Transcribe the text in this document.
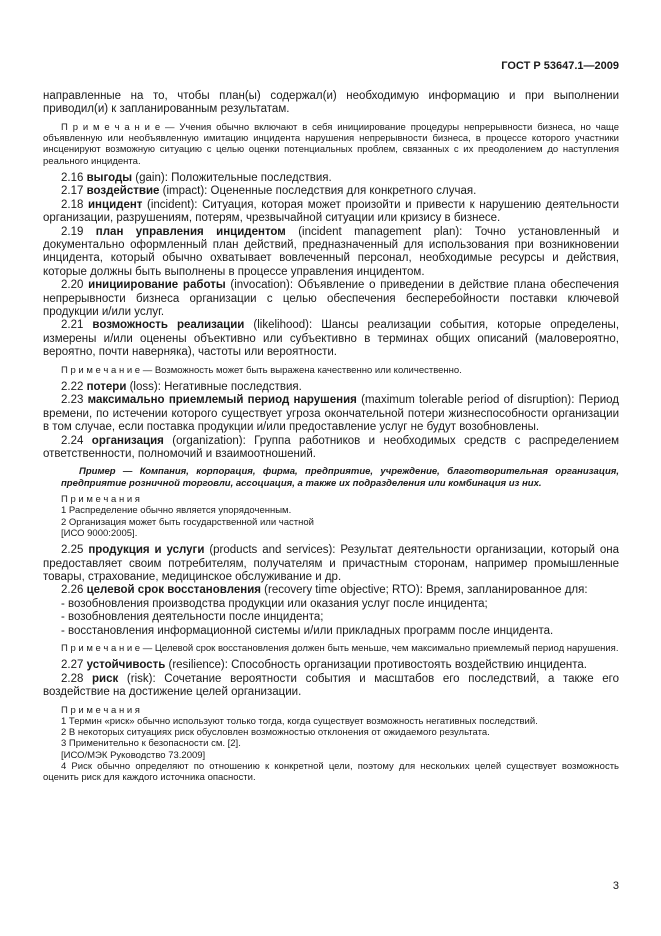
ГОСТ Р 53647.1—2009

направленные на то, чтобы план(ы) содержал(и) необходимую информацию и при выполнении приводил(и) к запланированным результатам.

П р и м е ч а н и е — Учения обычно включают в себя инициирование процедуры непрерывности бизнеса, но чаще объявленную или необъявленную имитацию инцидента нарушения непрерывности бизнеса, в процессе которого участники инсценируют возможную ситуацию с целью оценки потенциальных проблем, связанных с их преодолением до наступления реального инцидента.

2.16 выгоды (gain): Положительные последствия.

2.17 воздействие (impact): Оцененные последствия для конкретного случая.

2.18 инцидент (incident): Ситуация, которая может произойти и привести к нарушению деятельности организации, разрушениям, потерям, чрезвычайной ситуации или кризису в бизнесе.

2.19 план управления инцидентом (incident management plan): Точно установленный и документально оформленный план действий, предназначенный для использования при возникновении инцидента, который обычно охватывает вовлеченный персонал, необходимые ресурсы и действия, которые должны быть выполнены в процессе управления инцидентом.

2.20 инициирование работы (invocation): Объявление о приведении в действие плана обеспечения непрерывности бизнеса организации с целью обеспечения бесперебойности поставки ключевой продукции и/или услуг.

2.21 возможность реализации (likelihood): Шансы реализации события, которые определены, измерены и/или оценены объективно или субъективно в терминах общих описаний (маловероятно, вероятно, почти наверняка), частоты или вероятности.

П р и м е ч а н и е — Возможность может быть выражена качественно или количественно.

2.22 потери (loss): Негативные последствия.

2.23 максимально приемлемый период нарушения (maximum tolerable period of disruption): Период времени, по истечении которого существует угроза окончательной потери жизнеспособности организации в том случае, если поставка продукции и/или предоставление услуг не будут возобновлены.

2.24 организация (organization): Группа работников и необходимых средств с распределением ответственности, полномочий и взаимоотношений.

Пример — Компания, корпорация, фирма, предприятие, учреждение, благотворительная организация, предприятие розничной торговли, ассоциация, а также их подразделения или комбинация из них.

П р и м е ч а н и я

1 Распределение обычно является упорядоченным.

2 Организация может быть государственной или частной

[ИСО 9000:2005].

2.25 продукция и услуги (products and services): Результат деятельности организации, который она предоставляет своим потребителям, получателям и причастным сторонам, например промышленные товары, страхование, медицинское обслуживание и др.

2.26 целевой срок восстановления (recovery time objective; RTO): Время, запланированное для:

- возобновления производства продукции или оказания услуг после инцидента;

- возобновления деятельности после инцидента;

- восстановления информационной системы и/или прикладных программ после инцидента.

П р и м е ч а н и е — Целевой срок восстановления должен быть меньше, чем максимально приемлемый период нарушения.

2.27 устойчивость (resilience): Способность организации противостоять воздействию инцидента.

2.28 риск (risk): Сочетание вероятности события и масштабов его последствий, а также его воздействие на достижение целей организации.

П р и м е ч а н и я

1 Термин «риск» обычно используют только тогда, когда существует возможность негативных последствий.

2 В некоторых ситуациях риск обусловлен возможностью отклонения от ожидаемого результата.

3 Применительно к безопасности см. [2].

[ИСО/МЭК Руководство 73.2009]

4 Риск обычно определяют по отношению к конкретной цели, поэтому для нескольких целей существует возможность оценить риск для каждого источника опасности.

3
